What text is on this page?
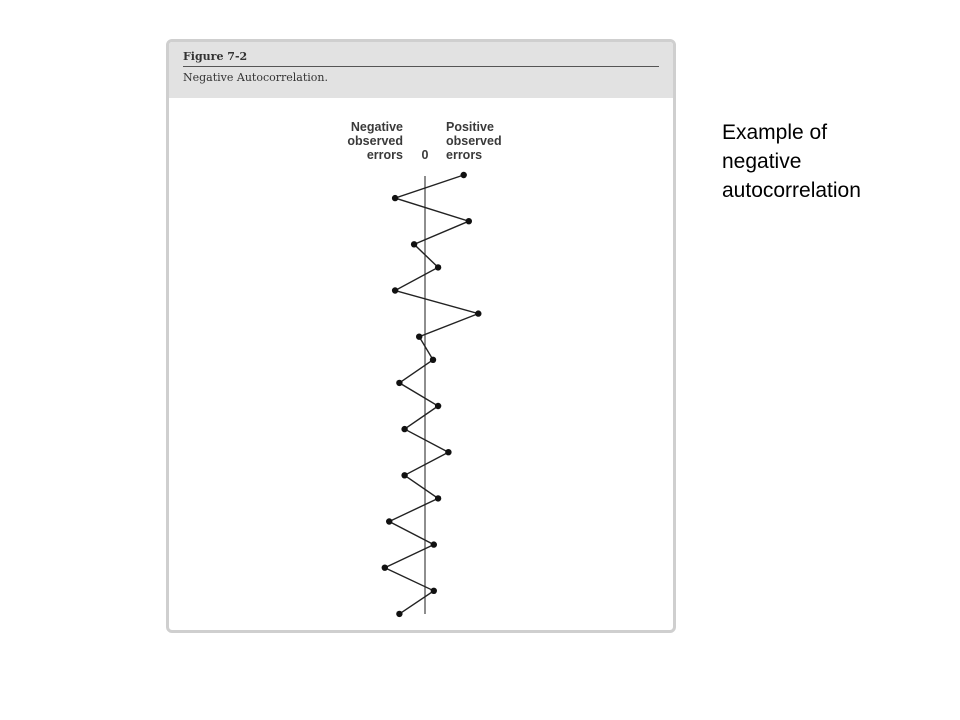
Figure 7-2
Negative Autocorrelation.
Negative
observed
errors	0
Positive
observed
errors
Example of
negative
autocorrelation
